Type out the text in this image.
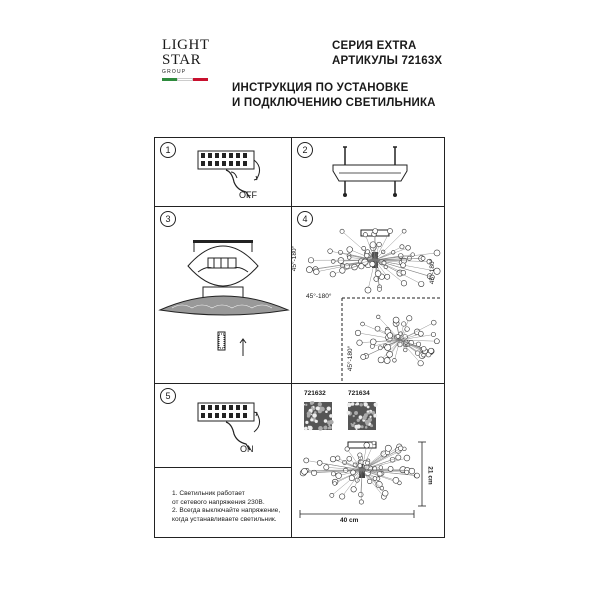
LIGHT
STAR
GROUP
СЕРИЯ EXTRA
АРТИКУЛЫ 72163X
ИНСТРУКЦИЯ ПО УСТАНОВКЕ
И ПОДКЛЮЧЕНИЮ СВЕТИЛЬНИКА
1	2
3	4
5
OFF
45°-180°
45°-180°
45°-180°
45°-180°
ON
721632	721634
40 cm
21 cm
1. Светильник работает
от сетевого напряжения 230В.
2. Всегда выключайте напряжение,
когда устанавливаете светильник.
